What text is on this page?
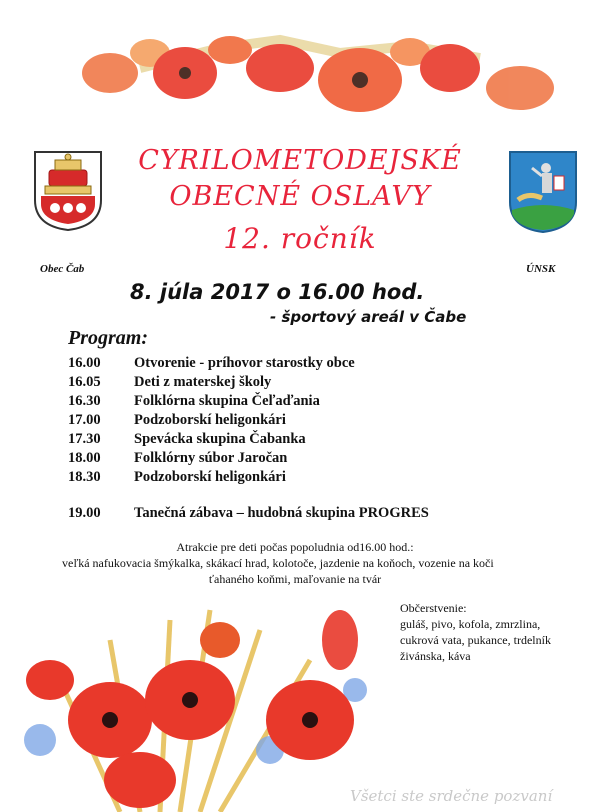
Obec Čab	ÚNSK
CYRILOMETODEJSKÉ
OBECNÉ OSLAVY
12. ročník
8. júla 2017 o 16.00 hod.
- športový areál v Čabe
Program:
16.00 Otvorenie - príhovor starostky obce
16.05 Deti z materskej školy
16.30 Folklórna skupina Čeľaďania
17.00 Podzoborskí heligonkári
17.30 Spevácka skupina Čabanka
18.00 Folklórny súbor Jaročan
18.30 Podzoborskí heligonkári
19.00 Tanečná zábava – hudobná skupina PROGRES
Atrakcie pre deti počas popoludnia od16.00 hod.:
veľká nafukovacia šmýkalka, skákací hrad, kolotoče, jazdenie na koňoch, vozenie na koči
ťahaného koňmi, maľovanie na tvár
Občerstvenie:
guláš, pivo, kofola, zmrzlina,
cukrová vata, pukance, trdelník
živánska, káva
Všetci ste srdečne pozvaní
